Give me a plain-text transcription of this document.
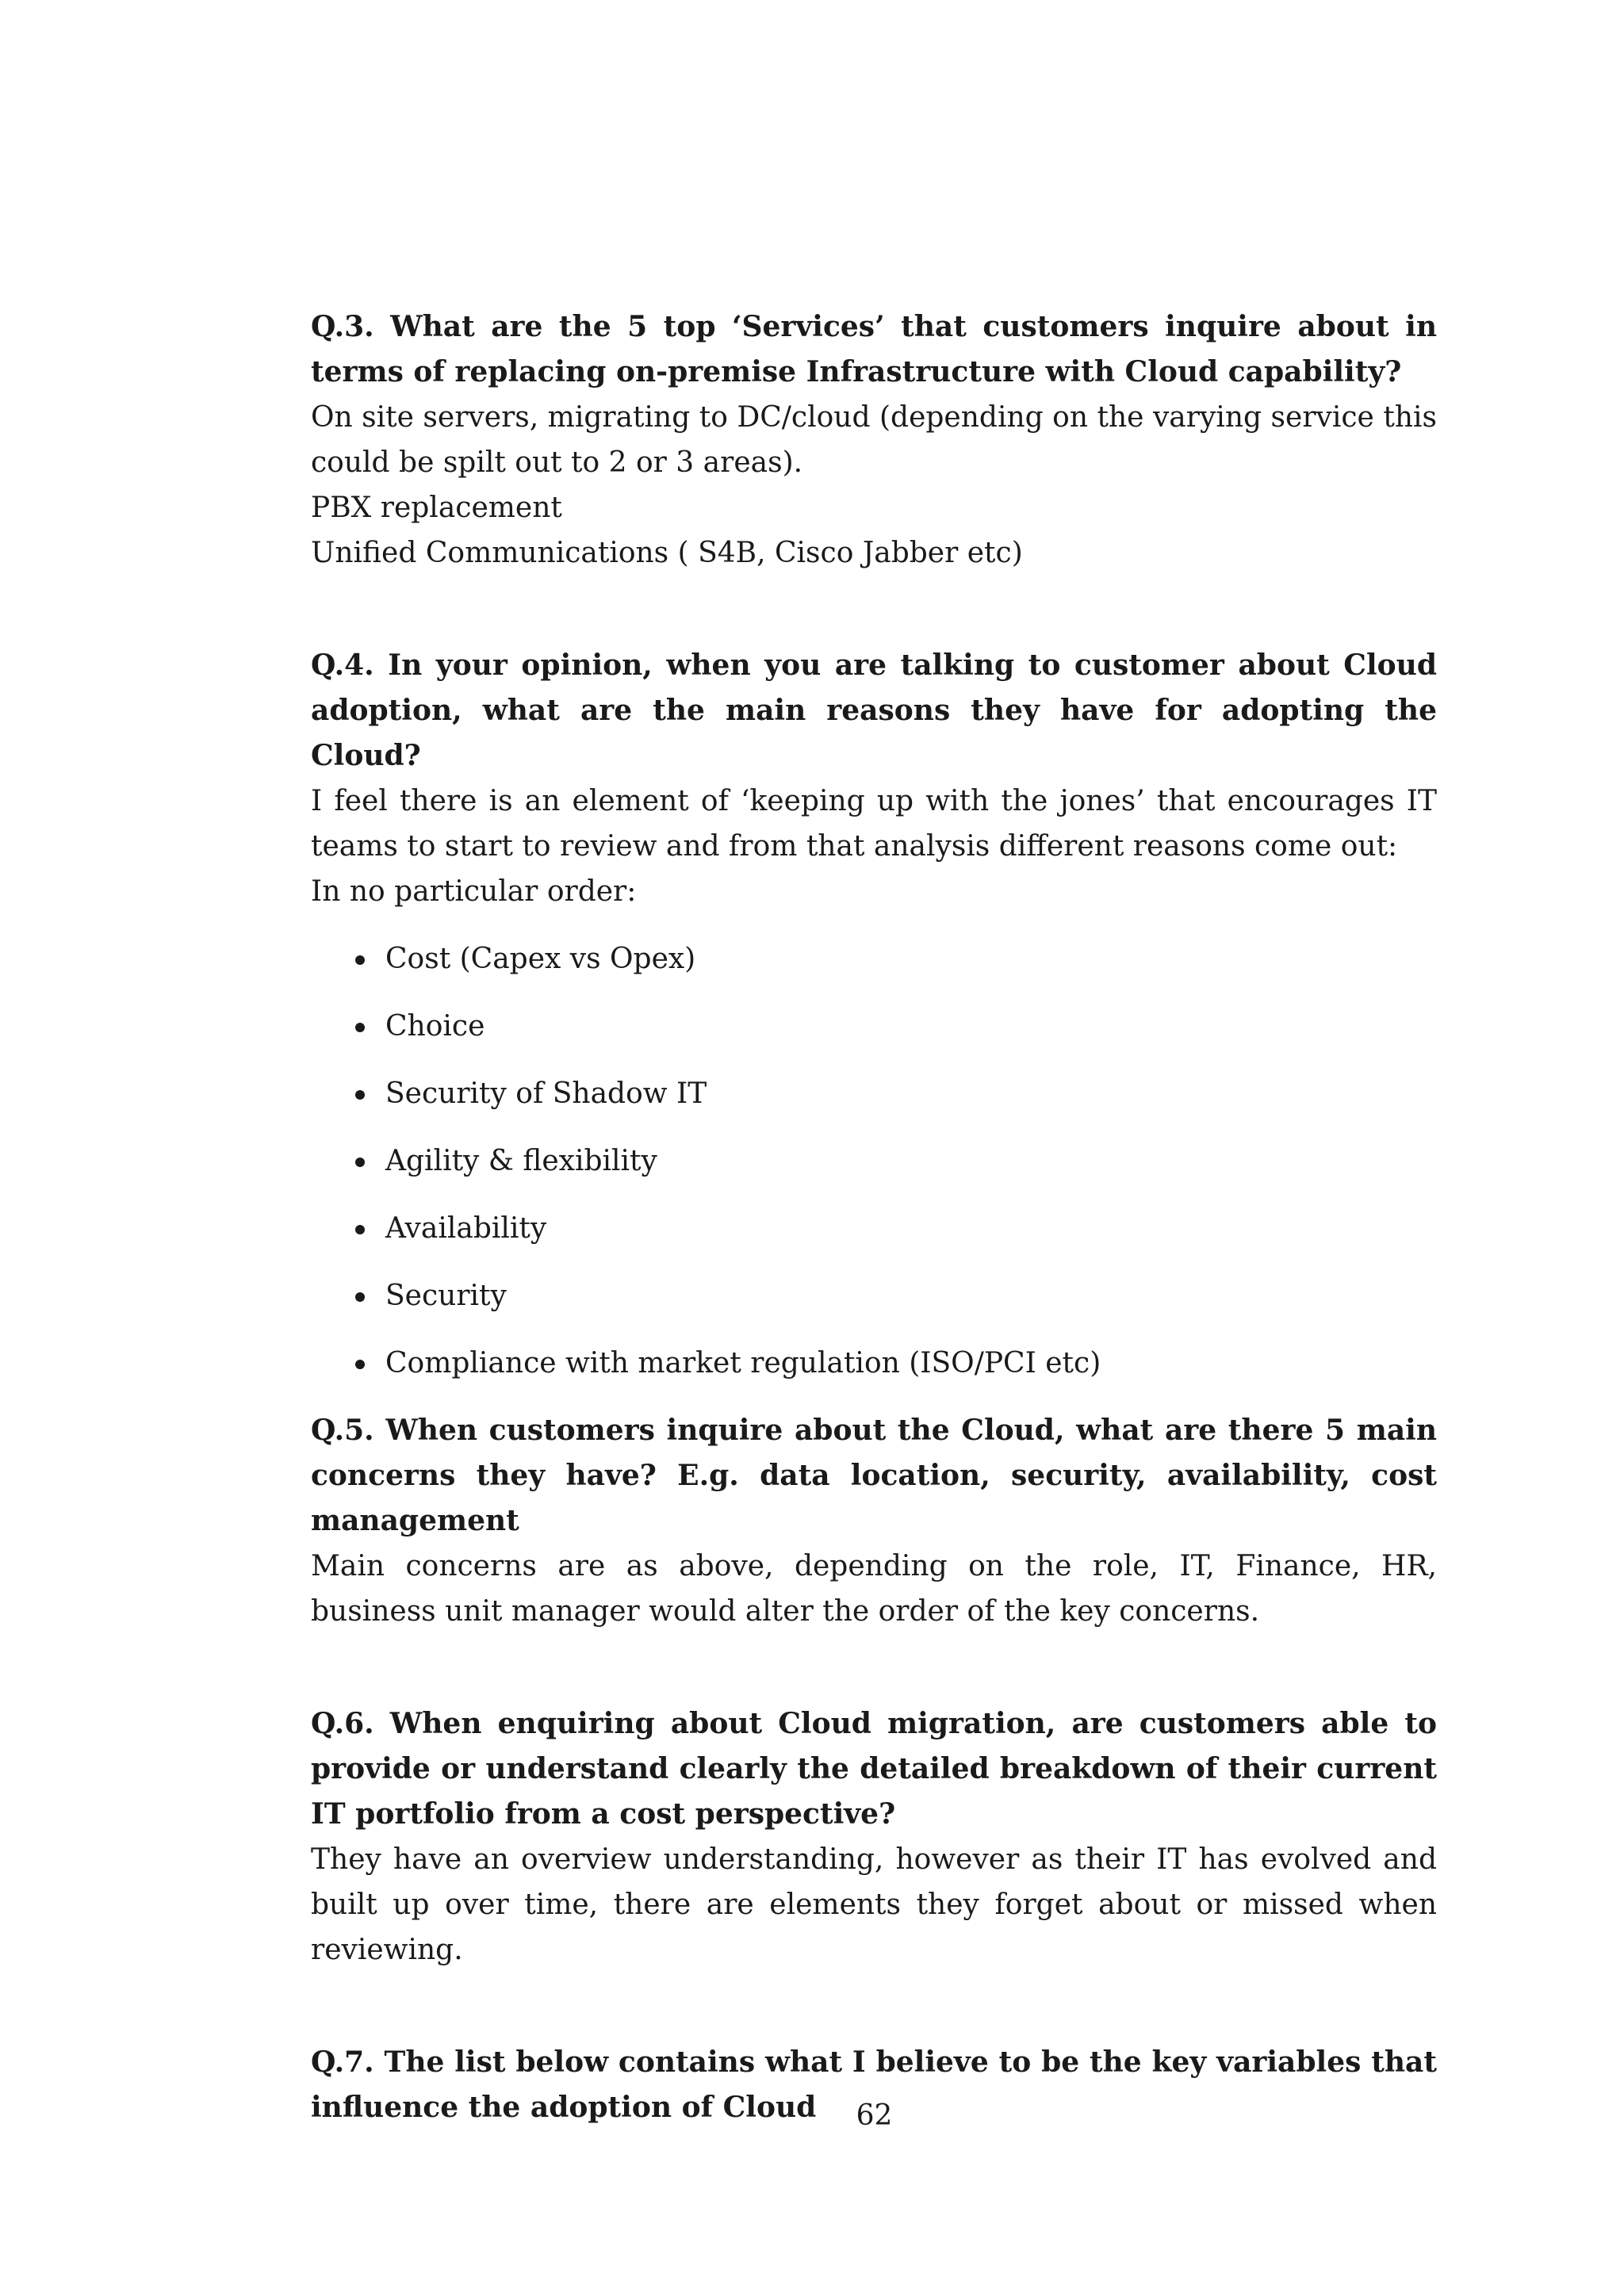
Q.3. What are the 5 top ‘Services’ that customers inquire about in terms of replacing on-premise Infrastructure with Cloud capability?

On site servers, migrating to DC/cloud (depending on the varying service this could be spilt out to 2 or 3 areas).

PBX replacement

Unified Communications ( S4B, Cisco Jabber etc)

Q.4. In your opinion, when you are talking to customer about Cloud adoption, what are the main reasons they have for adopting the Cloud?

I feel there is an element of ‘keeping up with the jones’ that encourages IT teams to start to review and from that analysis different reasons come out:

In no particular order:

Cost (Capex vs Opex)
Choice
Security of Shadow IT
Agility & flexibility
Availability
Security
Compliance with market regulation (ISO/PCI etc)

Q.5. When customers inquire about the Cloud, what are there 5 main concerns they have? E.g. data location, security, availability, cost management

Main concerns are as above, depending on the role, IT, Finance, HR, business unit manager would alter the order of the key concerns.

Q.6. When enquiring about Cloud migration, are customers able to provide or understand clearly the detailed breakdown of their current IT portfolio from a cost perspective?

They have an overview understanding, however as their IT has evolved and built up over time, there are elements they forget about or missed when reviewing.

Q.7. The list below contains what I believe to be the key variables that influence the adoption of Cloud	62
